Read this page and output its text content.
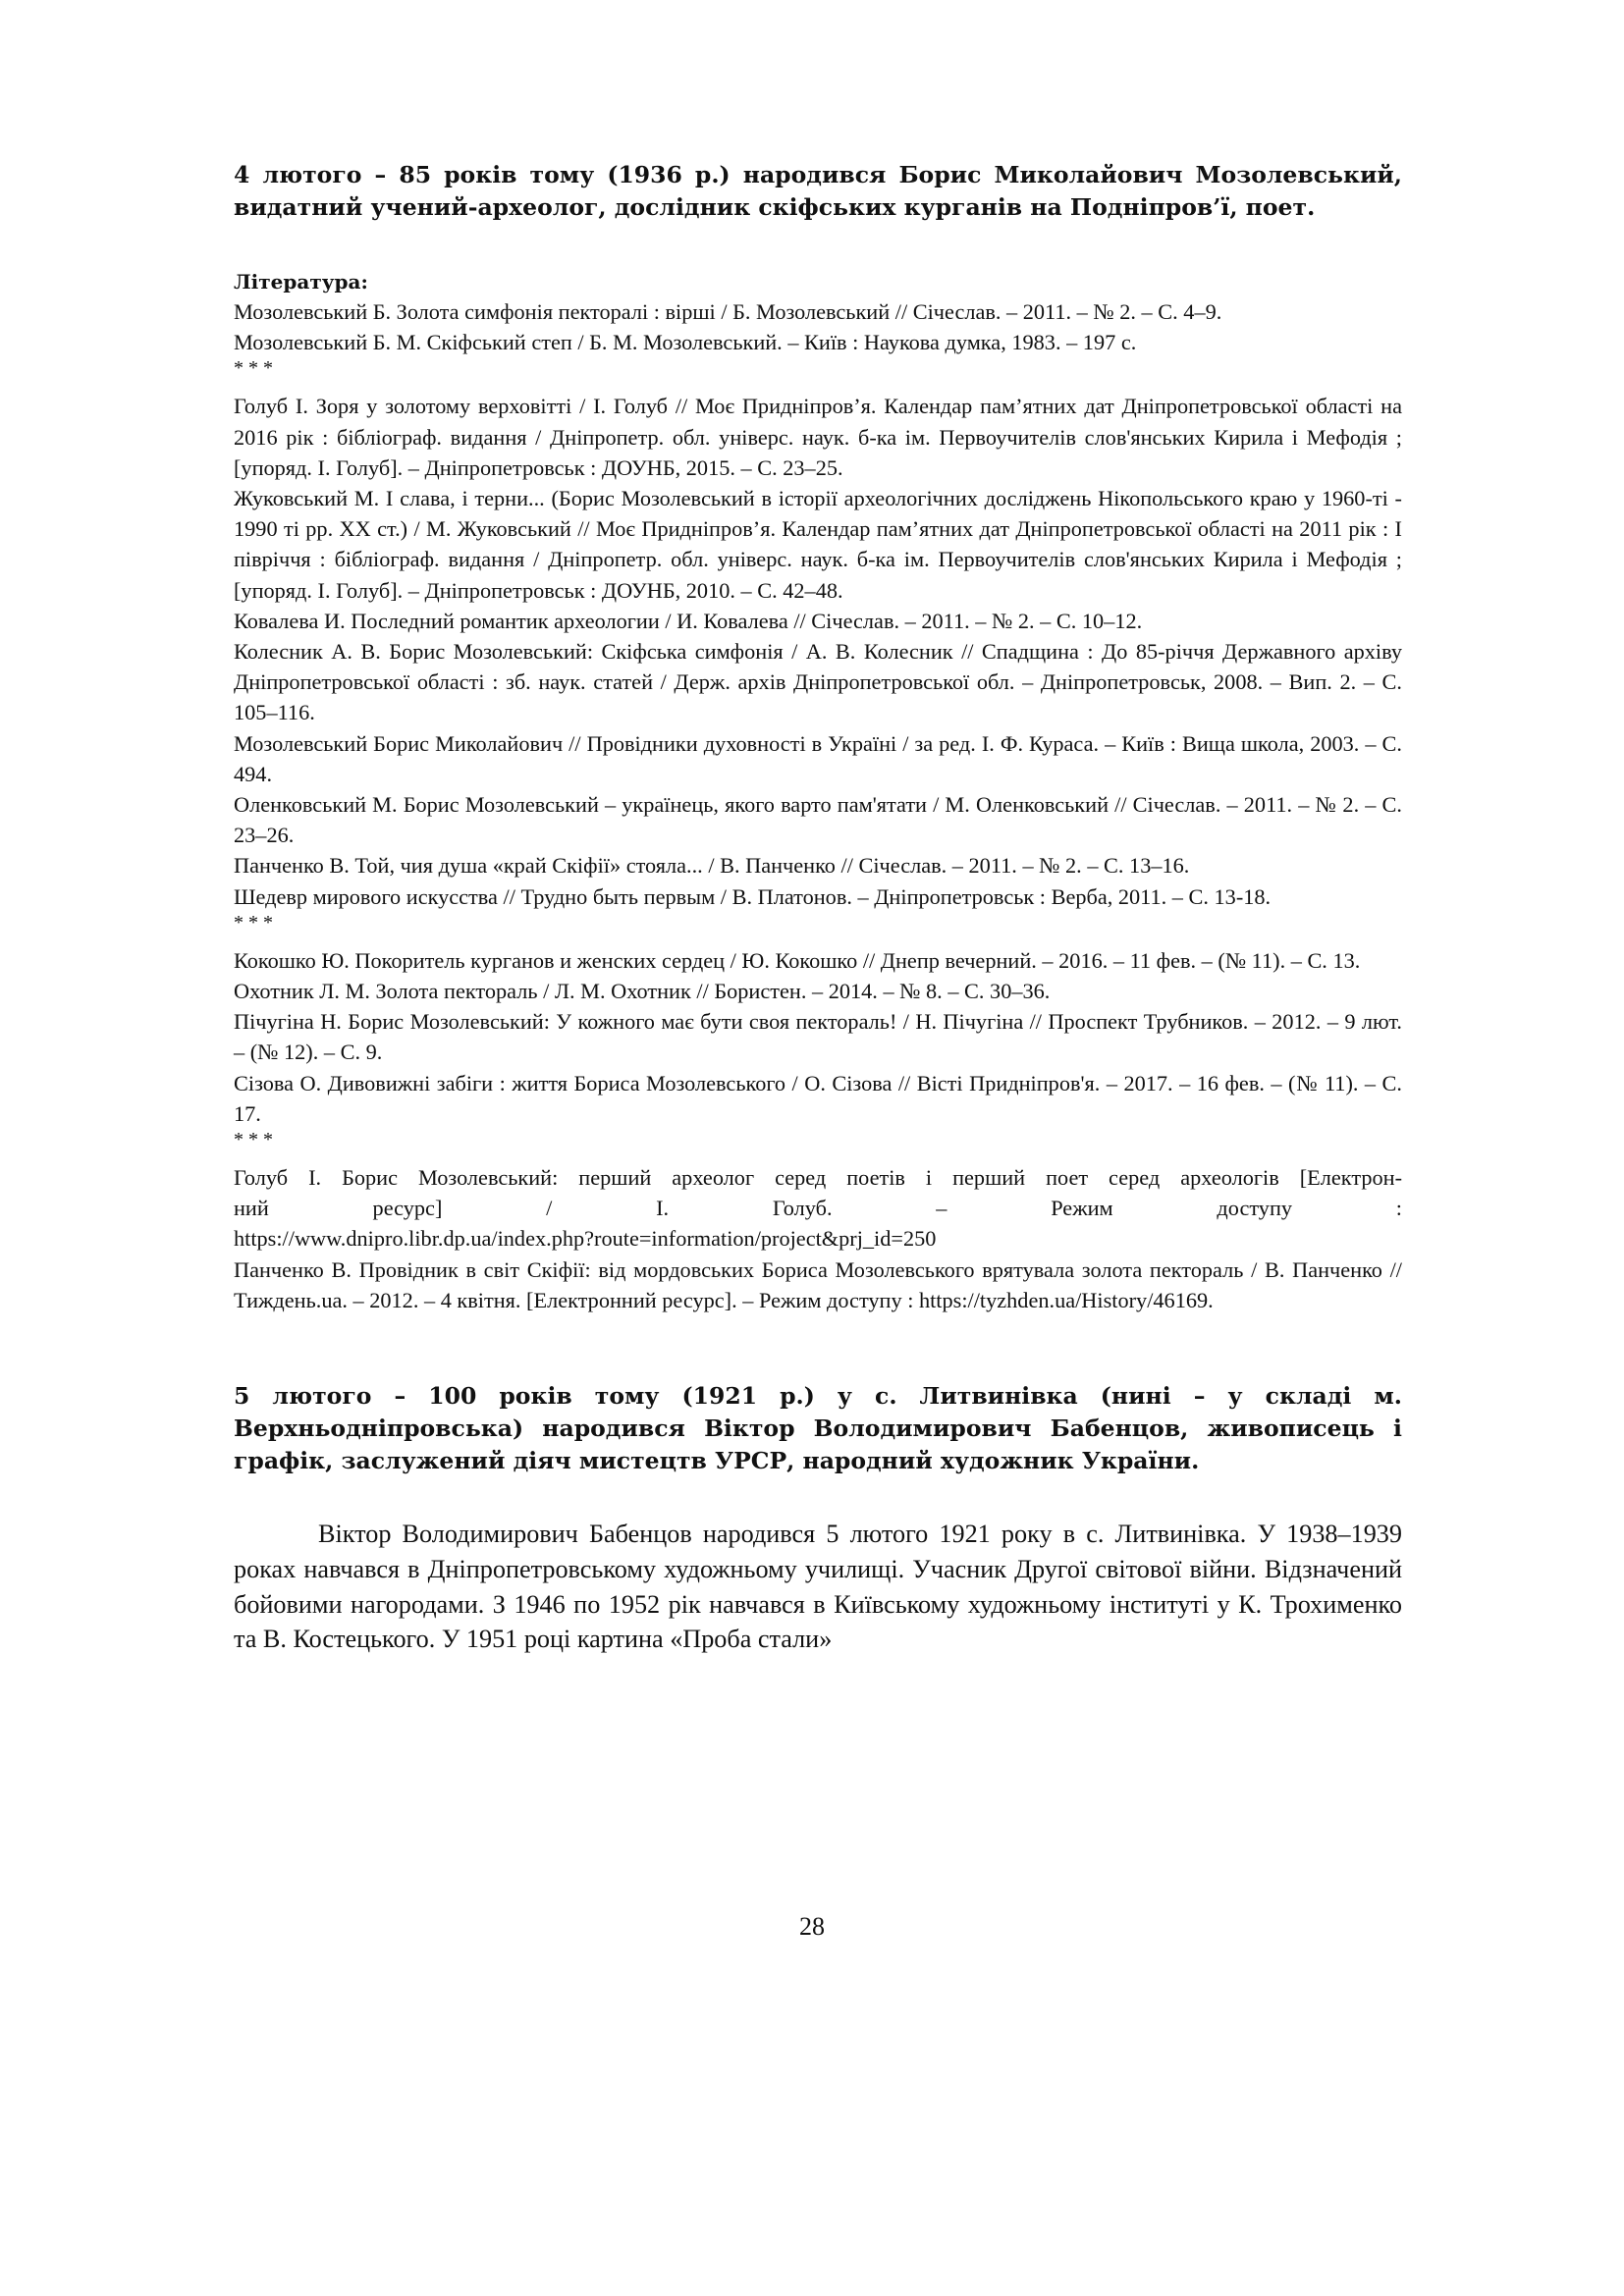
4 лютого – 85 років тому (1936 р.) народився Борис Миколайович Мозолевський, видатний учений-археолог, дослідник скіфських курганів на Подніпров’ї, поет.

Література:

Мозолевський Б. Золота симфонія пекторалі : вірші / Б. Мозолевський // Січеслав. – 2011. – № 2. – С. 4–9.

Мозолевський Б. М. Скіфський степ / Б. М. Мозолевський. – Київ : Наукова думка, 1983. – 197 с.

* * *

Голуб І. Зоря у золотому верховітті / І. Голуб // Моє Придніпров’я. Календар пам’ятних дат Дніпропетровської області на 2016 рік : бібліограф. видання / Дніпропетр. обл. універс. наук. б-ка ім. Первоучителів слов'янських Кирила і Мефодія ; [упоряд. І. Голуб]. – Дніпропетровськ : ДОУНБ, 2015. – С. 23–25.

Жуковський М. І слава, і терни... (Борис Мозолевський в історії археологічних досліджень Нікопольського краю у 1960-ті - 1990 ті рр. ХХ ст.) / М. Жуковський // Моє Придніпров’я. Календар пам’ятних дат Дніпропетровської області на 2011 рік : І півріччя : бібліограф. видання / Дніпропетр. обл. універс. наук. б-ка ім. Первоучителів слов'янських Кирила і Мефодія ; [упоряд. І. Голуб]. – Дніпропетровськ : ДОУНБ, 2010. – С. 42–48.

Ковалева И. Последний романтик археологии / И. Ковалева // Січеслав. – 2011. – № 2. – С. 10–12.

Колесник А. В. Борис Мозолевський: Скіфська симфонія / А. В. Колесник // Спадщина : До 85-річчя Державного архіву Дніпропетровської області : зб. наук. статей / Держ. архів Дніпропетровської обл. – Дніпропетровськ, 2008. – Вип. 2. – С. 105–116.

Мозолевський Борис Миколайович // Провідники духовності в Україні / за ред. І. Ф. Кураса. – Київ : Вища школа, 2003. – С. 494.

Оленковський М. Борис Мозолевський – українець, якого варто пам'ятати / М. Оленковський // Січеслав. – 2011. – № 2. – С. 23–26.

Панченко В. Той, чия душа «край Скіфії» стояла... / В. Панченко // Січеслав. – 2011. – № 2. – С. 13–16.

Шедевр мирового искусства // Трудно быть первым / В. Платонов. – Дніпропетровськ : Верба, 2011. – С. 13-18.

* * *

Кокошко Ю. Покоритель курганов и женских сердец / Ю. Кокошко // Днепр вечерний. – 2016. – 11 фев. – (№ 11). – С. 13.

Охотник Л. М. Золота пектораль / Л. М. Охотник // Бористен. – 2014. – № 8. – С. 30–36.

Пічугіна Н. Борис Мозолевський: У кожного має бути своя пектораль! / Н. Пічугіна // Проспект Трубников. – 2012. – 9 лют. – (№ 12). – С. 9.

Сізова О. Дивовижні забіги : життя Бориса Мозолевського / О. Сізова // Вісті Придніпров'я. – 2017. – 16 фев. – (№ 11). – С. 17.

* * *

Голуб І. Борис Мозолевський: перший археолог серед поетів і перший поет серед археологів [Електрон-

ний ресурс] / І. Голуб. – Режим доступу :

https://www.dnipro.libr.dp.ua/index.php?route=information/project&prj_id=250

Панченко В. Провідник в світ Скіфії: від мордовських Бориса Мозолевського врятувала золота пектораль / В. Панченко // Тиждень.ua. – 2012. – 4 квітня. [Електронний ресурс]. – Режим доступу : https://tyzhden.ua/History/46169.

5 лютого – 100 років тому (1921 р.) у с. Литвинівка (нині – у складі м. Верхньодніпровська) народився Віктор Володимирович Бабенцов, живописець і графік, заслужений діяч мистецтв УРСР, народний художник України.

Віктор Володимирович Бабенцов народився 5 лютого 1921 року в с. Литвинівка. У 1938–1939 роках навчався в Дніпропетровському художньому училищі. Учасник Другої світової війни. Відзначений бойовими нагородами. З 1946 по 1952 рік навчався в Київському художньому інституті у К. Трохименко та В. Костецького. У 1951 році картина «Проба стали»

28
